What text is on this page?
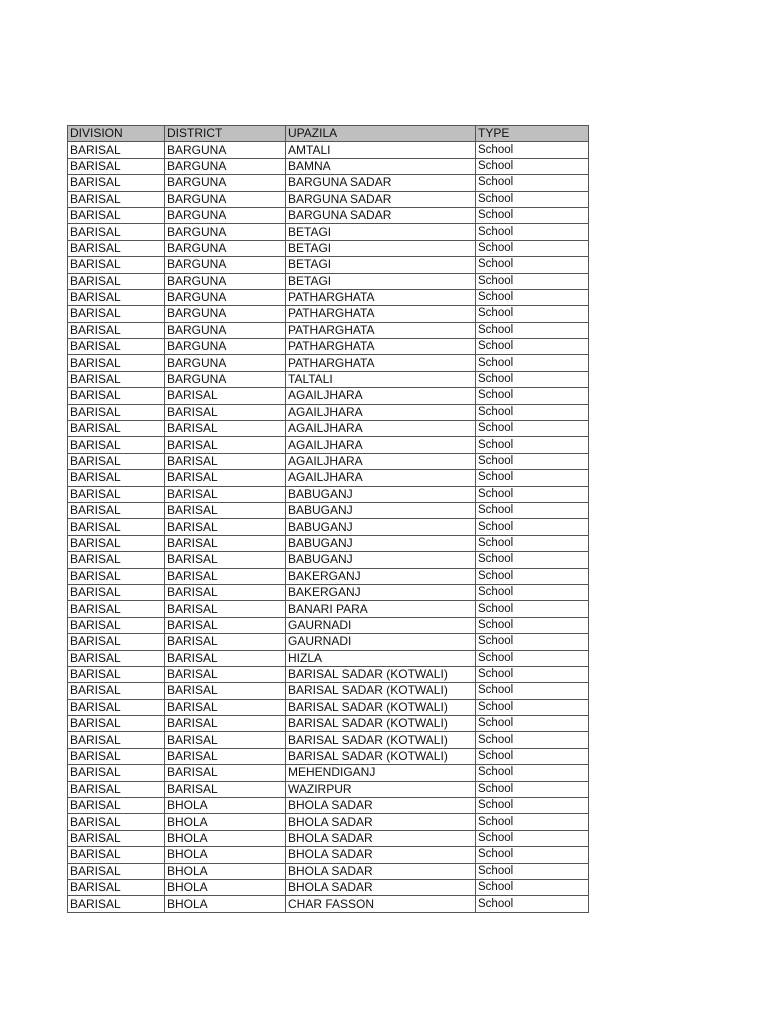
DIVISION	DISTRICT	UPAZILA	TYPE
BARISAL	BARGUNA	AMTALI	School
BARISAL	BARGUNA	BAMNA	School
BARISAL	BARGUNA	BARGUNA SADAR	School
BARISAL	BARGUNA	BARGUNA SADAR	School
BARISAL	BARGUNA	BARGUNA SADAR	School
BARISAL	BARGUNA	BETAGI	School
BARISAL	BARGUNA	BETAGI	School
BARISAL	BARGUNA	BETAGI	School
BARISAL	BARGUNA	BETAGI	School
BARISAL	BARGUNA	PATHARGHATA	School
BARISAL	BARGUNA	PATHARGHATA	School
BARISAL	BARGUNA	PATHARGHATA	School
BARISAL	BARGUNA	PATHARGHATA	School
BARISAL	BARGUNA	PATHARGHATA	School
BARISAL	BARGUNA	TALTALI	School
BARISAL	BARISAL	AGAILJHARA	School
BARISAL	BARISAL	AGAILJHARA	School
BARISAL	BARISAL	AGAILJHARA	School
BARISAL	BARISAL	AGAILJHARA	School
BARISAL	BARISAL	AGAILJHARA	School
BARISAL	BARISAL	AGAILJHARA	School
BARISAL	BARISAL	BABUGANJ	School
BARISAL	BARISAL	BABUGANJ	School
BARISAL	BARISAL	BABUGANJ	School
BARISAL	BARISAL	BABUGANJ	School
BARISAL	BARISAL	BABUGANJ	School
BARISAL	BARISAL	BAKERGANJ	School
BARISAL	BARISAL	BAKERGANJ	School
BARISAL	BARISAL	BANARI PARA	School
BARISAL	BARISAL	GAURNADI	School
BARISAL	BARISAL	GAURNADI	School
BARISAL	BARISAL	HIZLA	School
BARISAL	BARISAL	BARISAL SADAR (KOTWALI)	School
BARISAL	BARISAL	BARISAL SADAR (KOTWALI)	School
BARISAL	BARISAL	BARISAL SADAR (KOTWALI)	School
BARISAL	BARISAL	BARISAL SADAR (KOTWALI)	School
BARISAL	BARISAL	BARISAL SADAR (KOTWALI)	School
BARISAL	BARISAL	BARISAL SADAR (KOTWALI)	School
BARISAL	BARISAL	MEHENDIGANJ	School
BARISAL	BARISAL	WAZIRPUR	School
BARISAL	BHOLA	BHOLA SADAR	School
BARISAL	BHOLA	BHOLA SADAR	School
BARISAL	BHOLA	BHOLA SADAR	School
BARISAL	BHOLA	BHOLA SADAR	School
BARISAL	BHOLA	BHOLA SADAR	School
BARISAL	BHOLA	BHOLA SADAR	School
BARISAL	BHOLA	CHAR FASSON	School
